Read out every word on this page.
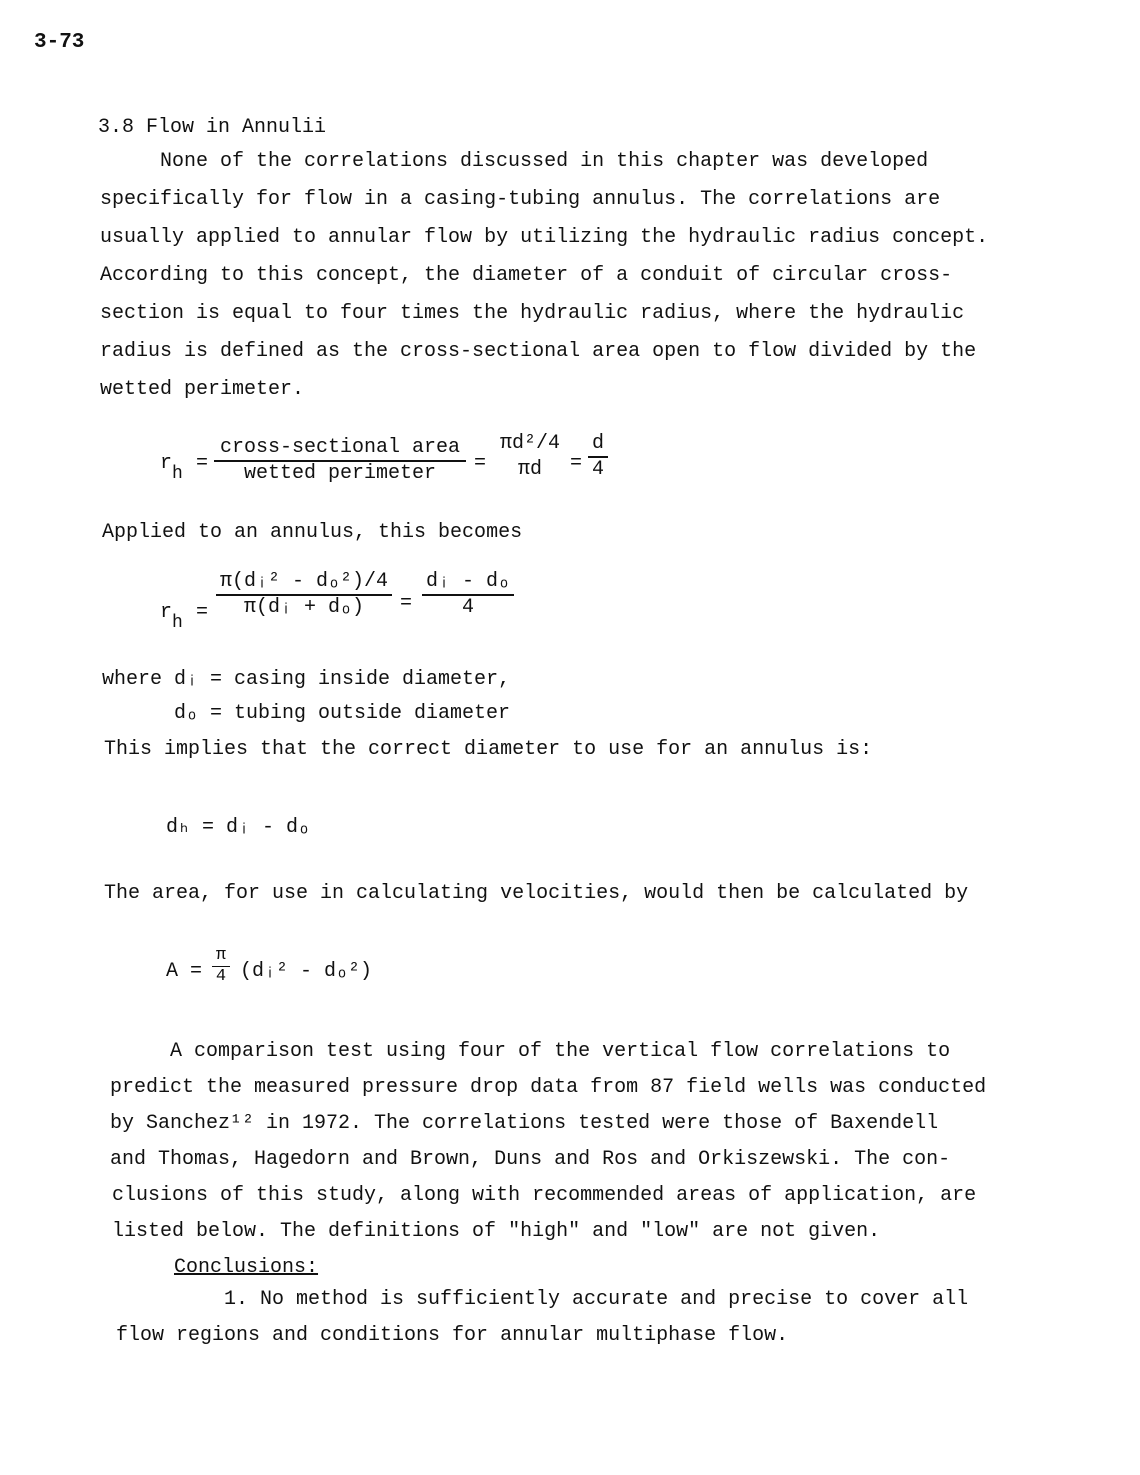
3-73
3.8 Flow in Annulii
None of the correlations discussed in this chapter was developed
specifically for flow in a casing-tubing annulus. The correlations are
usually applied to annular flow by utilizing the hydraulic radius concept.
According to this concept, the diameter of a conduit of circular cross-
section is equal to four times the hydraulic radius, where the hydraulic
radius is defined as the cross-sectional area open to flow divided by the
wetted perimeter.
rh =
cross-sectional area
wetted perimeter	=
πd²/4
πd	=
d
4
Applied to an annulus, this becomes
rh =
π(dᵢ² - dₒ²)/4
π(dᵢ + dₒ)	=
dᵢ - dₒ
4
where dᵢ = casing inside diameter,
dₒ = tubing outside diameter
This implies that the correct diameter to use for an annulus is:
dₕ = dᵢ - dₒ
The area, for use in calculating velocities, would then be calculated by
A =
π
4 (dᵢ² - dₒ²)
A comparison test using four of the vertical flow correlations to
predict the measured pressure drop data from 87 field wells was conducted
by Sanchez¹² in 1972. The correlations tested were those of Baxendell
and Thomas, Hagedorn and Brown, Duns and Ros and Orkiszewski. The con-
clusions of this study, along with recommended areas of application, are
listed below. The definitions of "high" and "low" are not given.
Conclusions:
1. No method is sufficiently accurate and precise to cover all
flow regions and conditions for annular multiphase flow.
